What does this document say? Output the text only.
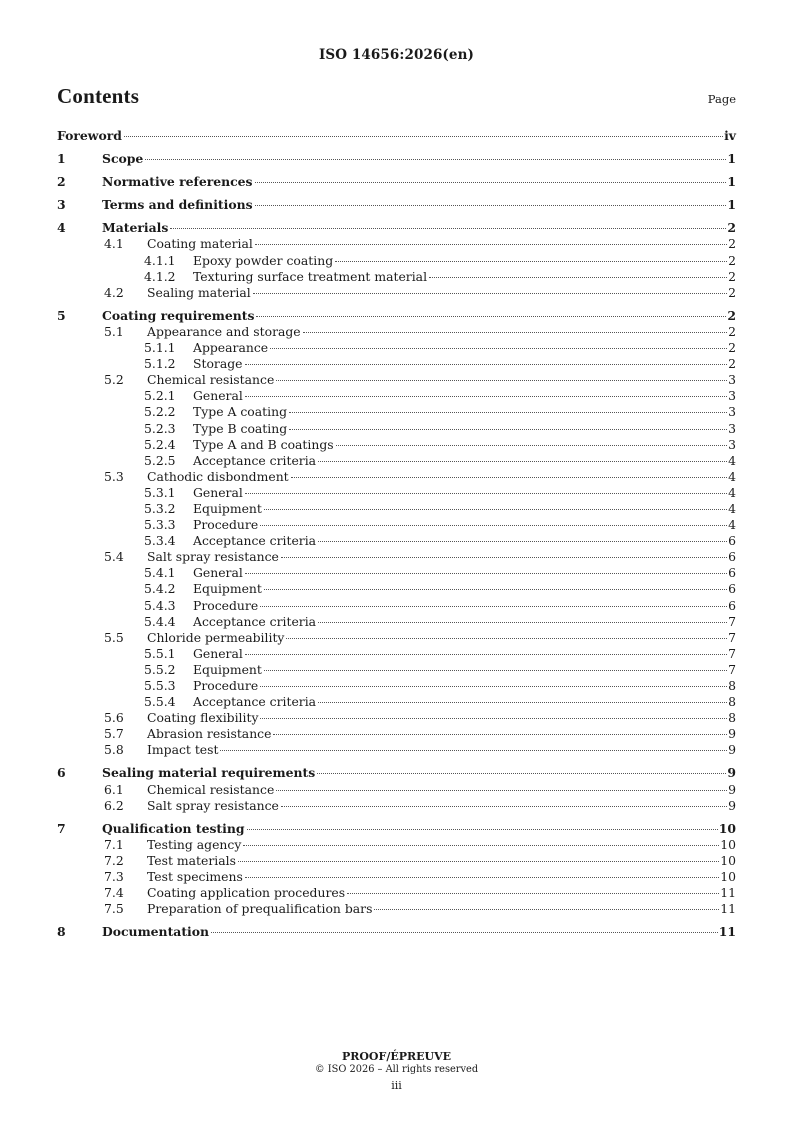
ISO 14656:2026(en)
Contents	Page
Foreword	iv
1	Scope	1
2	Normative references	1
3	Terms and definitions	1
4	Materials	2
4.1 Coating material	2
4.1.1 Epoxy powder coating	2
4.1.2 Texturing surface treatment material	2
4.2 Sealing material	2
5	Coating requirements	2
5.1 Appearance and storage	2
5.1.1 Appearance	2
5.1.2 Storage	2
5.2 Chemical resistance	3
5.2.1 General	3
5.2.2 Type A coating	3
5.2.3 Type B coating	3
5.2.4 Type A and B coatings	3
5.2.5 Acceptance criteria	4
5.3 Cathodic disbondment	4
5.3.1 General	4
5.3.2 Equipment	4
5.3.3 Procedure	4
5.3.4 Acceptance criteria	6
5.4 Salt spray resistance	6
5.4.1 General	6
5.4.2 Equipment	6
5.4.3 Procedure	6
5.4.4 Acceptance criteria	7
5.5 Chloride permeability	7
5.5.1 General	7
5.5.2 Equipment	7
5.5.3 Procedure	8
5.5.4 Acceptance criteria	8
5.6 Coating flexibility	8
5.7 Abrasion resistance	9
5.8 Impact test	9
6	Sealing material requirements	9
6.1 Chemical resistance	9
6.2 Salt spray resistance	9
7	Qualification testing	10
7.1 Testing agency	10
7.2 Test materials	10
7.3 Test specimens	10
7.4 Coating application procedures	11
7.5 Preparation of prequalification bars	11
8	Documentation	11
PROOF/ÉPREUVE
© ISO 2026 – All rights reserved
iii
